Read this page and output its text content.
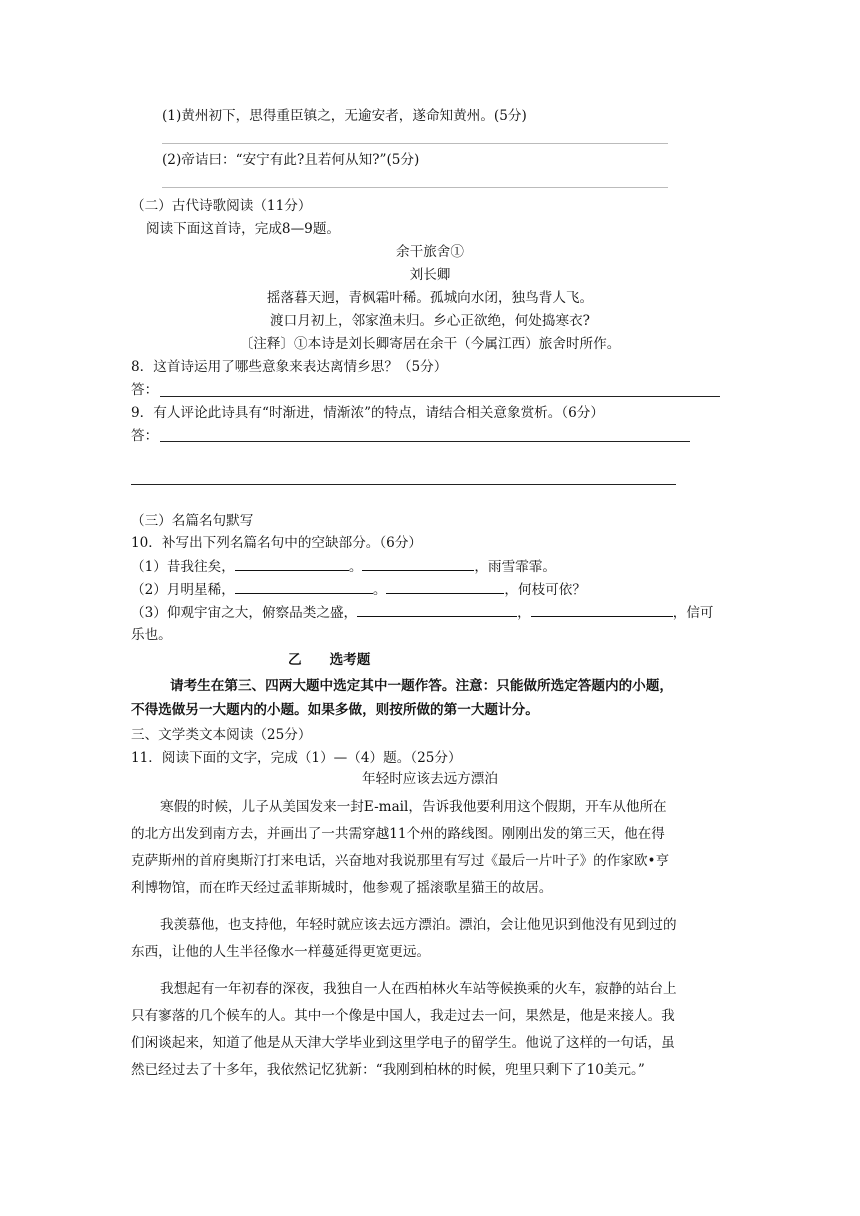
(1)黄州初下，思得重臣镇之，无逾安者，遂命知黄州。(5分)
(2)帝诘曰：“安宁有此?且若何从知?”(5分)
（二）古代诗歌阅读（11分）
阅读下面这首诗，完成8—9题。
余干旅舍①
刘长卿
摇落暮天迥，青枫霜叶稀。孤城向水闭，独鸟背人飞。
渡口月初上，邻家渔未归。乡心正欲绝，何处捣寒衣?
〔注释〕①本诗是刘长卿寄居在余干（今属江西）旅舍时所作。
8．这首诗运用了哪些意象来表达离情乡思？（5分）
答：
9．有人评论此诗具有“时渐进，情渐浓”的特点，请结合相关意象赏析。（6分）
答：
（三）名篇名句默写
10．补写出下列名篇名句中的空缺部分。（6分）
（1）昔我往矣，	。	，雨雪霏霏。
（2）月明星稀，	。	，何枝可依？
（3）仰观宇宙之大，俯察品类之盛，	，	，信可
乐也。
乙 选考题
请考生在第三、四两大题中选定其中一题作答。注意：只能做所选定答题内的小题，
不得选做另一大题内的小题。如果多做，则按所做的第一大题计分。
三、文学类文本阅读（25分）
11．阅读下面的文字，完成（1）—（4）题。（25分）
年轻时应该去远方漂泊
寒假的时候，儿子从美国发来一封E-mail，告诉我他要利用这个假期，开车从他所在
的北方出发到南方去，并画出了一共需穿越11个州的路线图。刚刚出发的第三天，他在得
克萨斯州的首府奥斯汀打来电话，兴奋地对我说那里有写过《最后一片叶子》的作家欧•亨
利博物馆，而在昨天经过孟菲斯城时，他参观了摇滚歌星猫王的故居。
我羡慕他，也支持他，年轻时就应该去远方漂泊。漂泊，会让他见识到他没有见到过的
东西，让他的人生半径像水一样蔓延得更宽更远。
我想起有一年初春的深夜，我独自一人在西柏林火车站等候换乘的火车，寂静的站台上
只有寥落的几个候车的人。其中一个像是中国人，我走过去一问，果然是，他是来接人。我
们闲谈起来，知道了他是从天津大学毕业到这里学电子的留学生。他说了这样的一句话，虽
然已经过去了十多年，我依然记忆犹新：“我刚到柏林的时候，兜里只剩下了10美元。”
